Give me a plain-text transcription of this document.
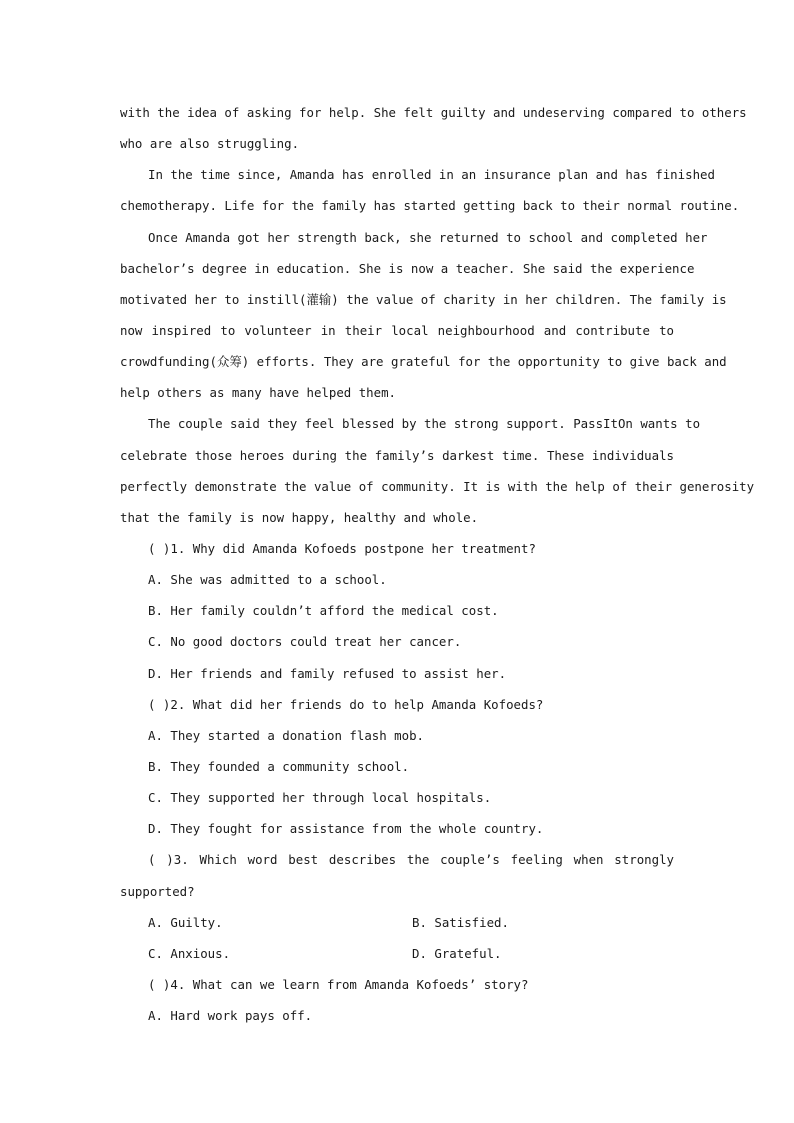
with the idea of asking for help. She felt guilty and undeserving compared to others
who are also struggling.
In the time since, Amanda has enrolled in an insurance plan and has finished
chemotherapy. Life for the family has started getting back to their normal routine.
Once Amanda got her strength back, she returned to school and completed her
bachelor’s degree in education. She is now a teacher. She said the experience
motivated her to instill(灌输) the value of charity in her children. The family is
now inspired to volunteer in their local neighbourhood and contribute to
crowdfunding(众筹) efforts. They are grateful for the opportunity to give back and
help others as many have helped them.
The couple said they feel blessed by the strong support. PassItOn wants to
celebrate those heroes during the family’s darkest time. These individuals
perfectly demonstrate the value of community. It is with the help of their generosity
that the family is now happy, healthy and whole.
( )1. Why did Amanda Kofoeds postpone her treatment?
A. She was admitted to a school.
B. Her family couldn’t afford the medical cost.
C. No good doctors could treat her cancer.
D. Her friends and family refused to assist her.
( )2. What did her friends do to help Amanda Kofoeds?
A. They started a donation flash mob.
B. They founded a community school.
C. They supported her through local hospitals.
D. They fought for assistance from the whole country.
( )3. Which word best describes the couple’s feeling when strongly
supported?
A. Guilty.	B. Satisfied.
C. Anxious.	D. Grateful.
( )4. What can we learn from Amanda Kofoeds’ story?
A. Hard work pays off.
